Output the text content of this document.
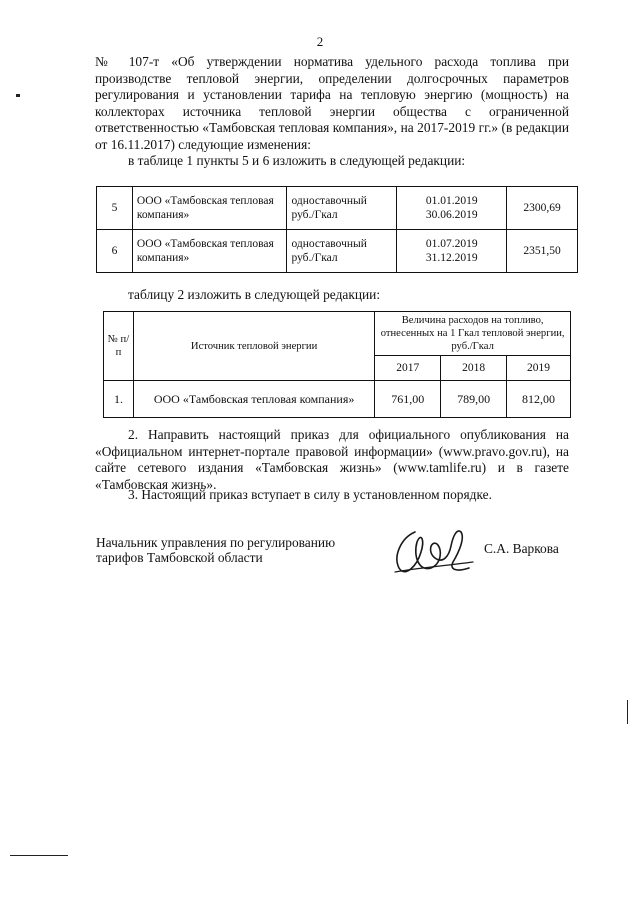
2

№ 107-т «Об утверждении норматива удельного расхода топлива при производстве тепловой энергии, определении долгосрочных параметров регулирования и установлении тарифа на тепловую энергию (мощность) на коллекторах источника тепловой энергии общества с ограниченной ответственностью «Тамбовская тепловая компания», на 2017-2019 гг.» (в редакции от 16.11.2017) следующие изменения:

в таблице 1 пункты 5 и 6 изложить в следующей редакции:

5	ООО «Тамбовская тепловая компания»	одноставочный руб./Гкал	01.01.2019
30.06.2019	2300,69
6	ООО «Тамбовская тепловая компания»	одноставочный руб./Гкал	01.07.2019
31.12.2019	2351,50

таблицу 2 изложить в следующей редакции:

№ п/п	Источник тепловой энергии	Величина расходов на топливо, отнесенных на 1 Гкал тепловой энергии, руб./Гкал		
		2017	2018	2019
1.	ООО «Тамбовская тепловая компания»	761,00	789,00	812,00

2. Направить настоящий приказ для официального опубликования на «Официальном интернет-портале правовой информации» (www.pravo.gov.ru), на сайте сетевого издания «Тамбовская жизнь» (www.tamlife.ru) и в газете «Тамбовская жизнь».

3. Настоящий приказ вступает в силу в установленном порядке.

Начальник управления по регулированию
тарифов Тамбовской области

С.А. Варкова
